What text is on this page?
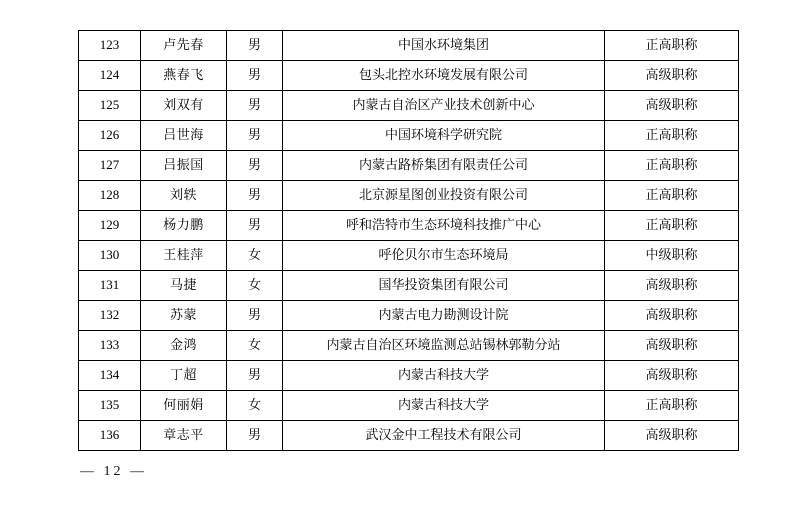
123	卢先春	男	中国水环境集团	正高职称
124	燕春飞	男	包头北控水环境发展有限公司	高级职称
125	刘双有	男	内蒙古自治区产业技术创新中心	高级职称
126	吕世海	男	中国环境科学研究院	正高职称
127	吕振国	男	内蒙古路桥集团有限责任公司	正高职称
128	刘轶	男	北京源星图创业投资有限公司	正高职称
129	杨力鹏	男	呼和浩特市生态环境科技推广中心	正高职称
130	王桂萍	女	呼伦贝尔市生态环境局	中级职称
131	马捷	女	国华投资集团有限公司	高级职称
132	苏蒙	男	内蒙古电力勘测设计院	高级职称
133	金鸿	女	内蒙古自治区环境监测总站锡林郭勒分站	高级职称
134	丁超	男	内蒙古科技大学	高级职称
135	何丽娟	女	内蒙古科技大学	正高职称
136	章志平	男	武汉金中工程技术有限公司	高级职称
— 12 —
